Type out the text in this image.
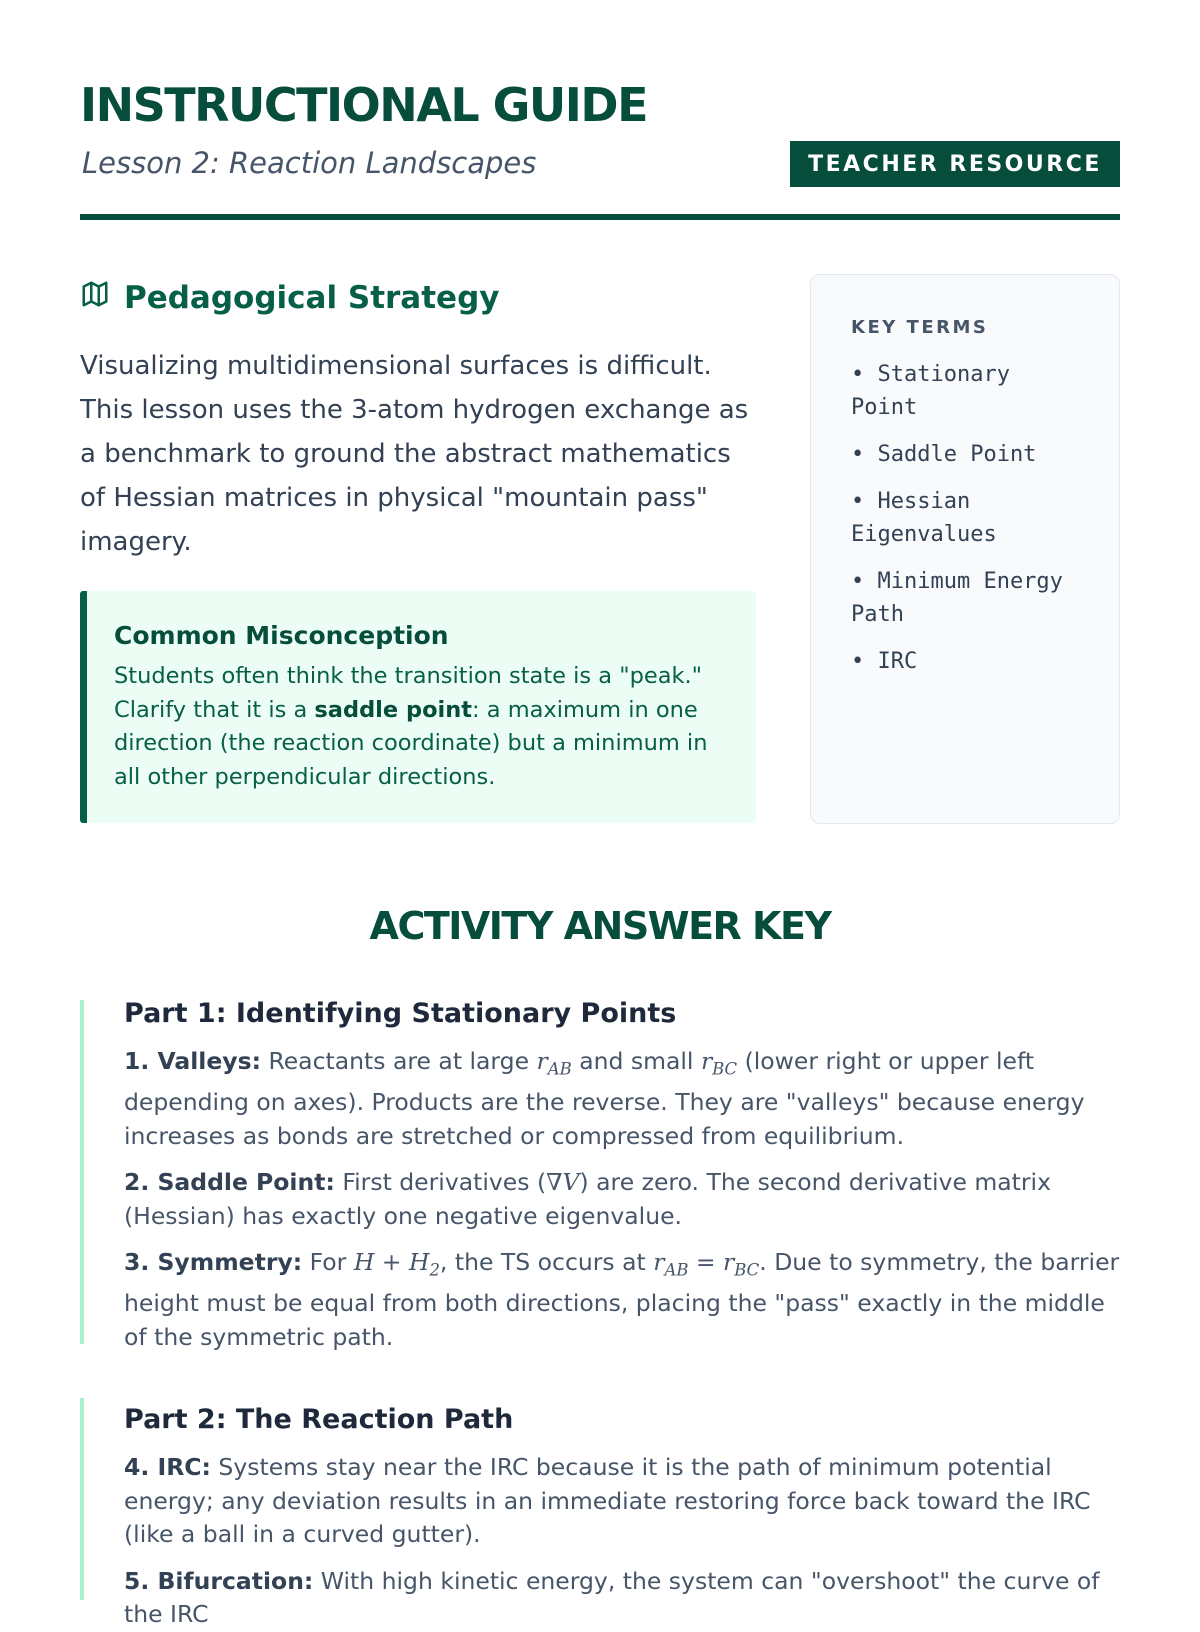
INSTRUCTIONAL GUIDE
Lesson 2: Reaction Landscapes	TEACHER RESOURCE
Pedagogical Strategy

Visualizing multidimensional surfaces is difficult. This lesson uses the 3-atom hydrogen exchange as a benchmark to ground the abstract mathematics of Hessian matrices in physical "mountain pass" imagery.

Common Misconception

Students often think the transition state is a "peak." Clarify that it is a saddle point: a maximum in one direction (the reaction coordinate) but a minimum in all other perpendicular directions.

KEY TERMS
• Stationary Point
• Saddle Point
• Hessian Eigenvalues
• Minimum Energy Path
• IRC
ACTIVITY ANSWER KEY
Part 1: Identifying Stationary Points

1. Valleys: Reactants are at large $r_{AB}$ and small $r_{BC}$ (lower right or upper left depending on axes). Products are the reverse. They are "valleys" because energy increases as bonds are stretched or compressed from equilibrium.

2. Saddle Point: First derivatives (∇V) are zero. The second derivative matrix (Hessian) has exactly one negative eigenvalue.

3. Symmetry: For $H + H_2$, the TS occurs at $r_{AB} = r_{BC}$. Due to symmetry, the barrier height must be equal from both directions, placing the "pass" exactly in the middle of the symmetric path.

Part 2: The Reaction Path

4. IRC: Systems stay near the IRC because it is the path of minimum potential energy; any deviation results in an immediate restoring force back toward the IRC (like a ball in a curved gutter).

5. Bifurcation: With high kinetic energy, the system can "overshoot" the curve of the IRC
